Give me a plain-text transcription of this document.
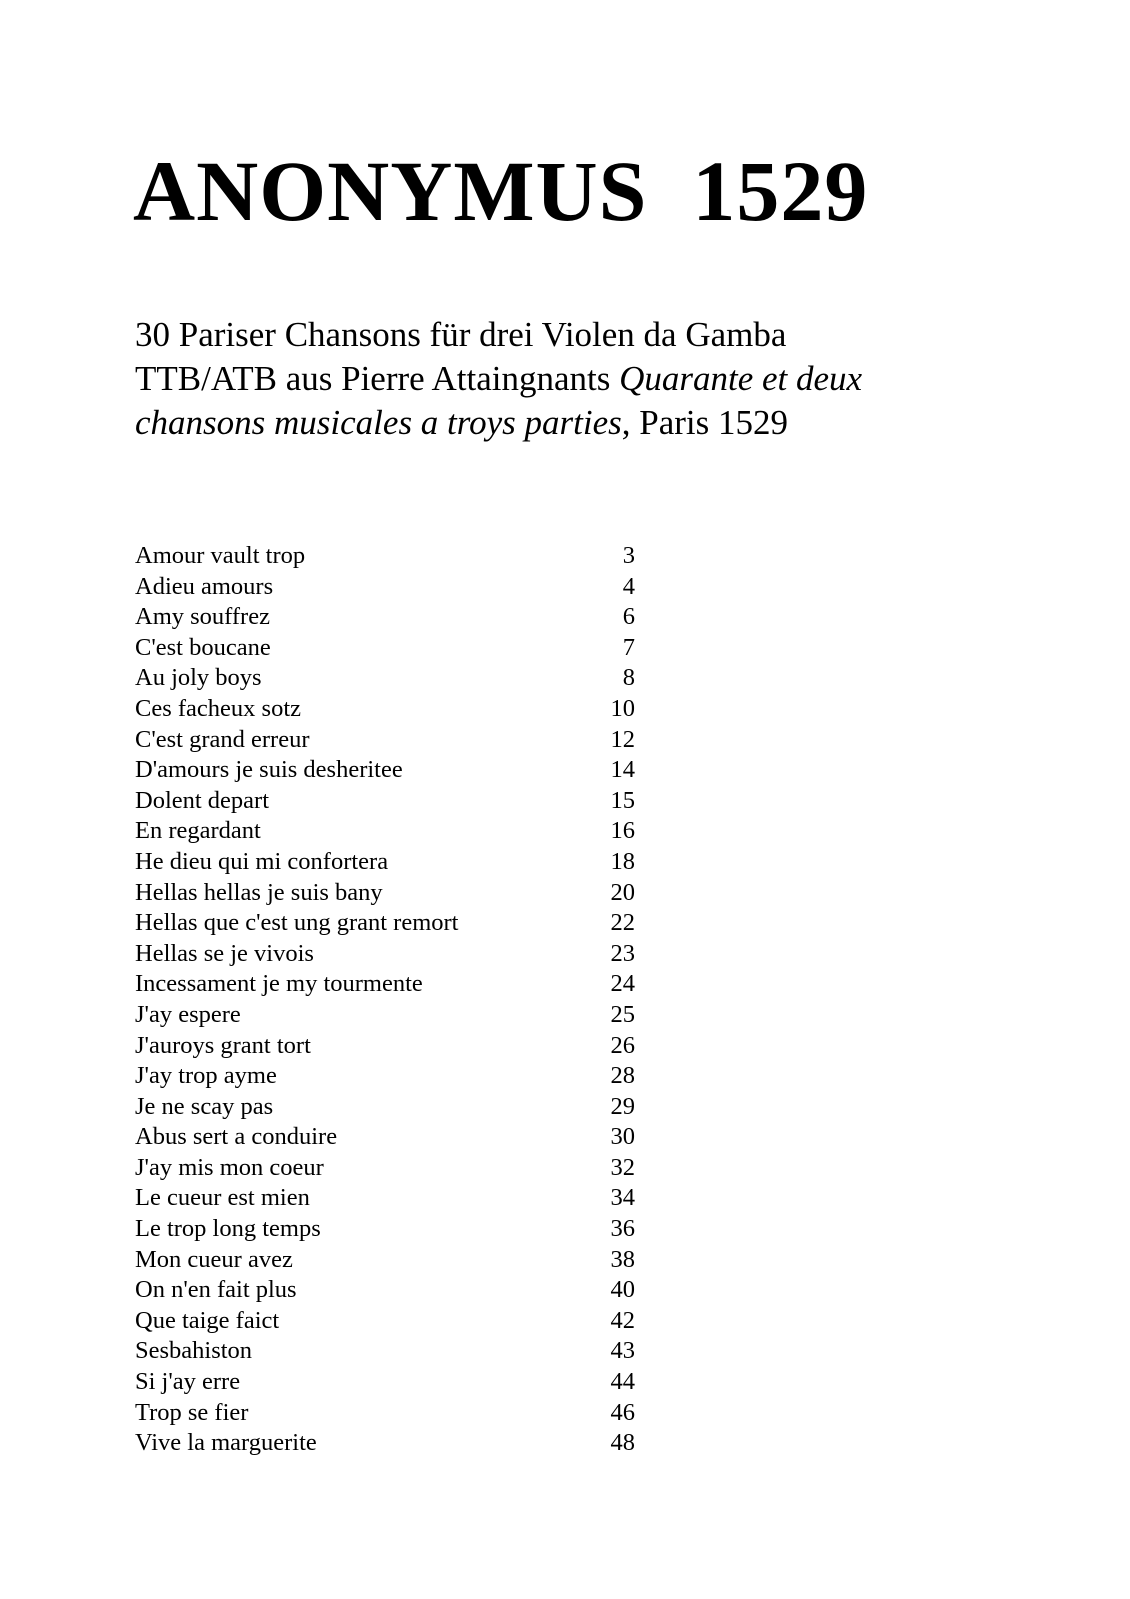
ANONYMUS  1529
30 Pariser Chansons für drei Violen da Gamba
TTB/ATB aus Pierre Attaingnants Quarante et deux
chansons musicales a troys parties, Paris 1529
Amour vault trop	3
Adieu amours	4
Amy souffrez	6
C'est boucane	7
Au joly boys	8
Ces facheux sotz	10
C'est grand erreur	12
D'amours je suis desheritee	14
Dolent depart	15
En regardant	16
He dieu qui mi confortera	18
Hellas hellas je suis bany	20
Hellas que c'est ung grant remort	22
Hellas se je vivois	23
Incessament je my tourmente	24
J'ay espere	25
J'auroys grant tort	26
J'ay trop ayme	28
Je ne scay pas	29
Abus sert a conduire	30
J'ay mis mon coeur	32
Le cueur est mien	34
Le trop long temps	36
Mon cueur avez	38
On n'en fait plus	40
Que taige faict	42
Sesbahiston	43
Si j'ay erre	44
Trop se fier	46
Vive la marguerite	48
